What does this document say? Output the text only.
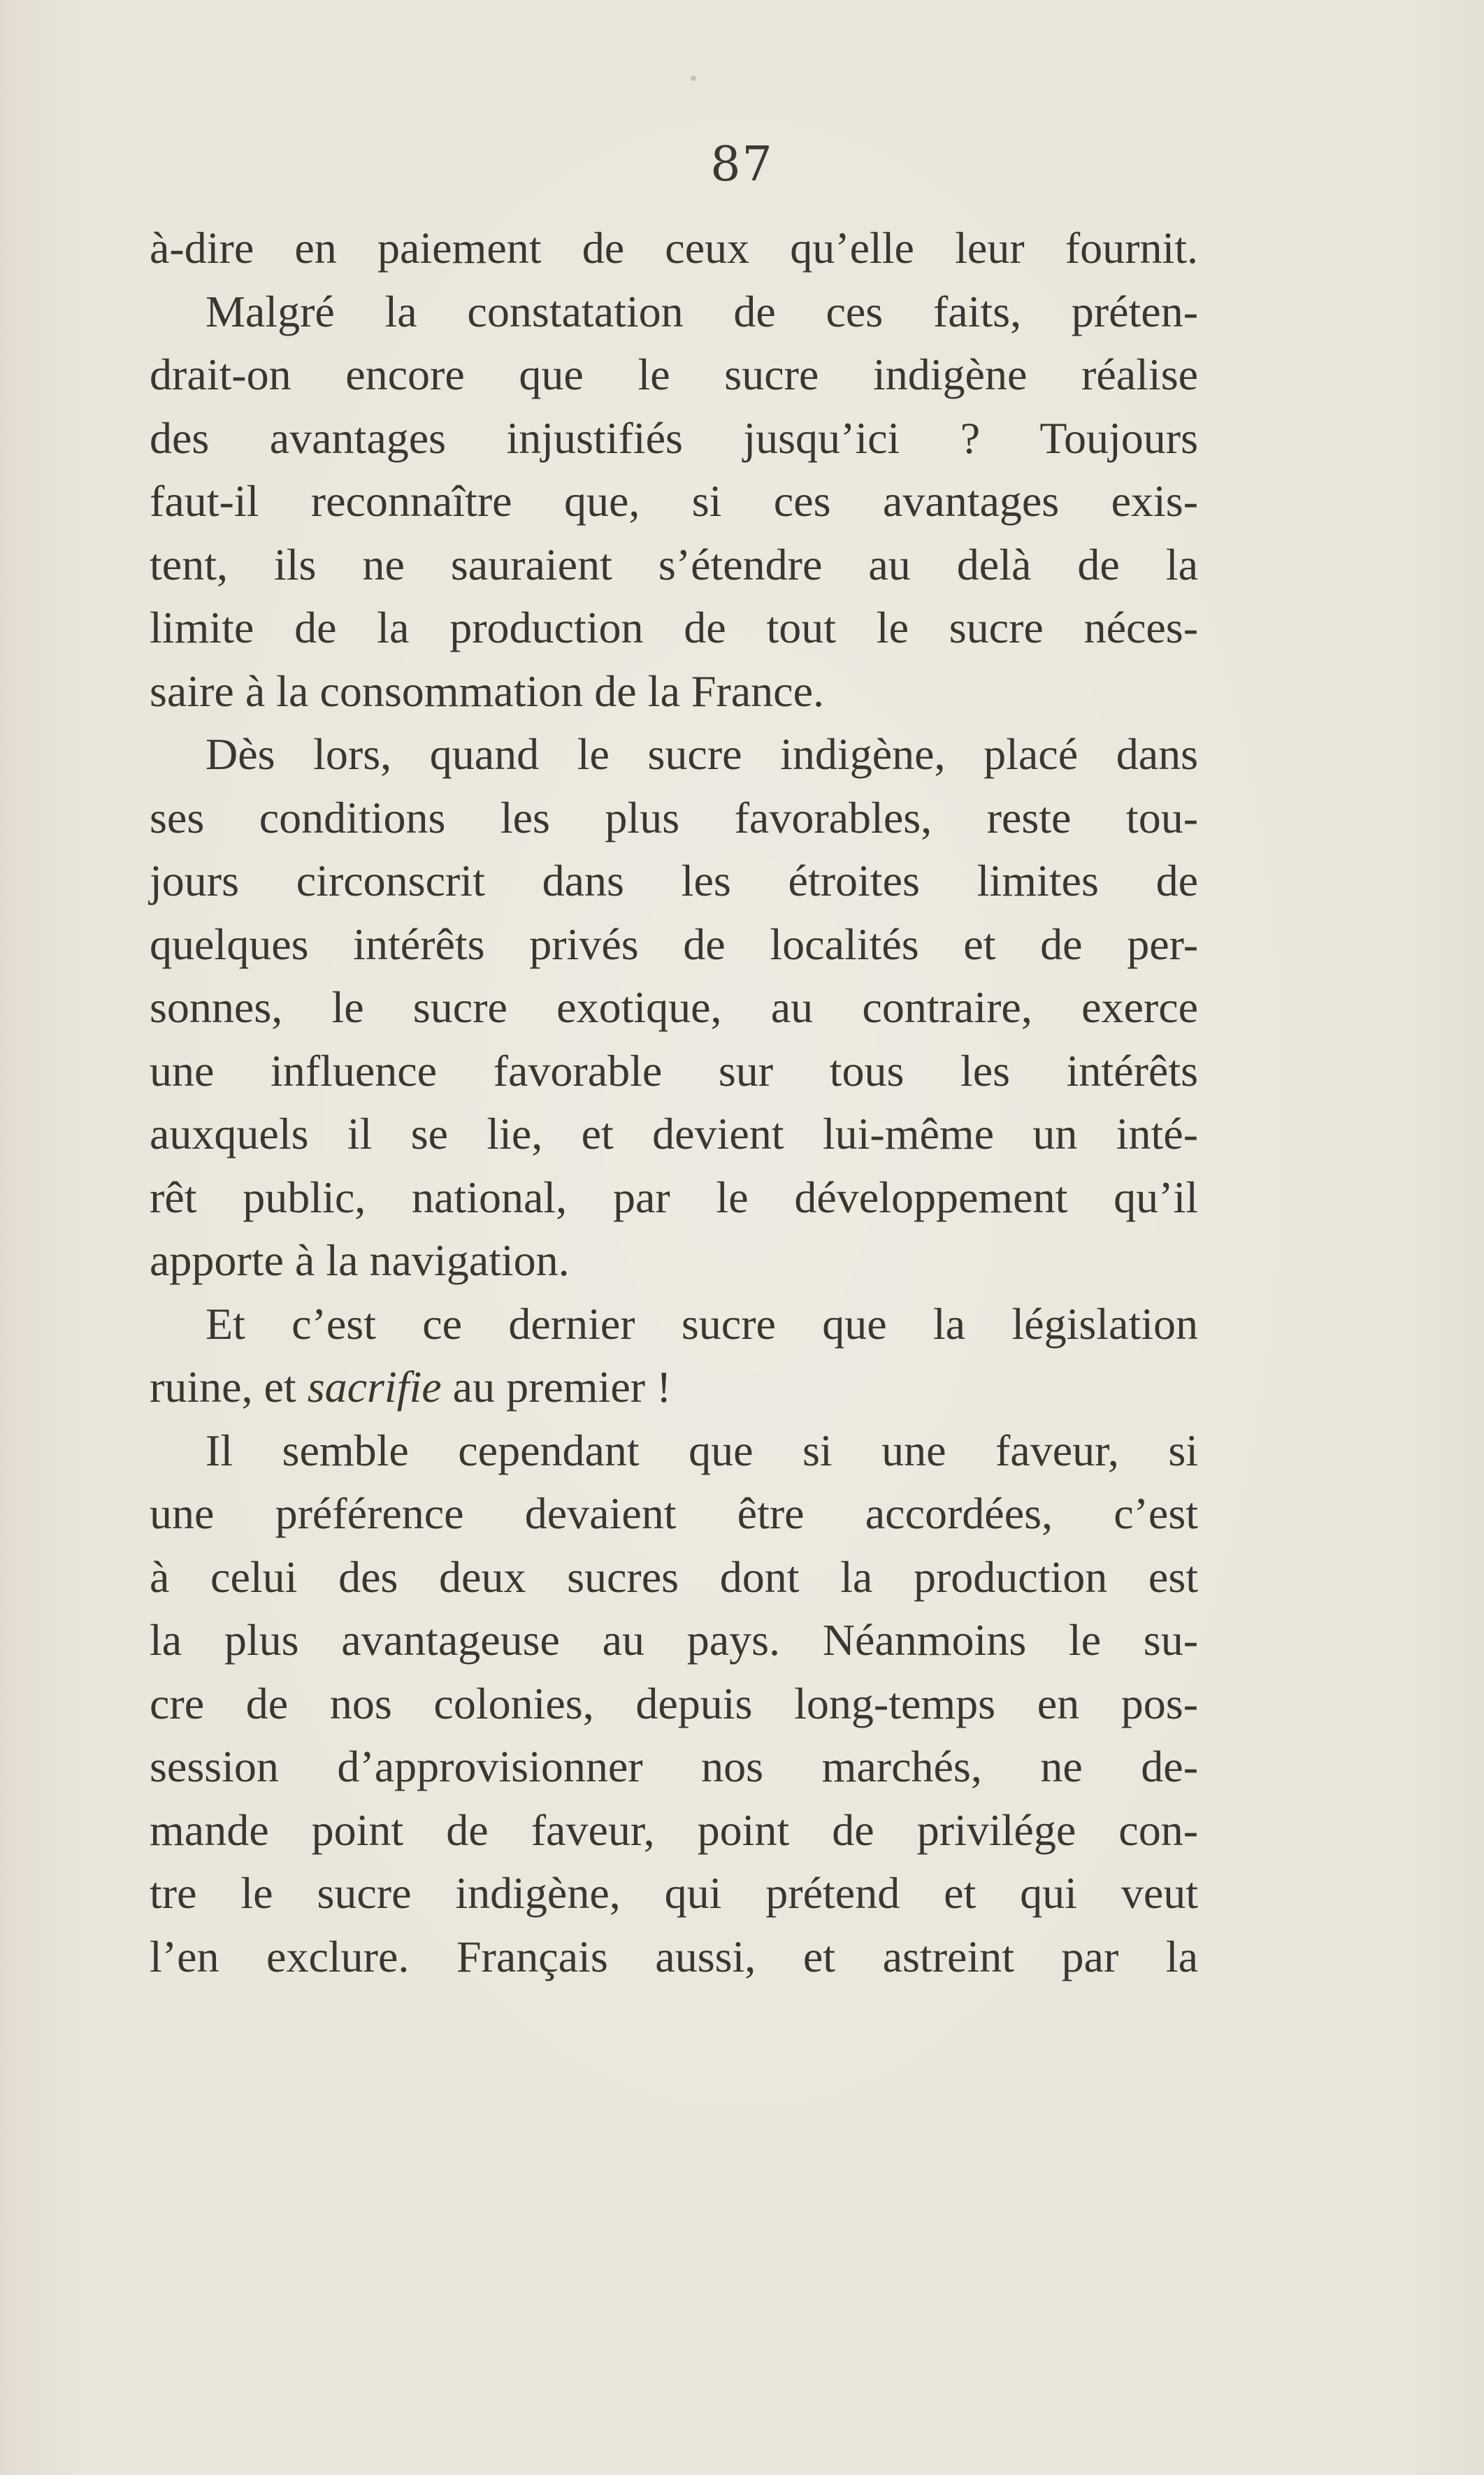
87
à-dire en paiement de ceux qu’elle leur fournit.
Malgré la constatation de ces faits, préten-
drait-on encore que le sucre indigène réalise
des avantages injustifiés jusqu’ici ? Toujours
faut-il reconnaître que, si ces avantages exis-
tent, ils ne sauraient s’étendre au delà de la
limite de la production de tout le sucre néces-
saire à la consommation de la France.
Dès lors, quand le sucre indigène, placé dans
ses conditions les plus favorables, reste tou-
jours circonscrit dans les étroites limites de
quelques intérêts privés de localités et de per-
sonnes, le sucre exotique, au contraire, exerce
une influence favorable sur tous les intérêts
auxquels il se lie, et devient lui-même un inté-
rêt public, national, par le développement qu’il
apporte à la navigation.
Et c’est ce dernier sucre que la législation
ruine, et sacrifie au premier !
Il semble cependant que si une faveur, si
une préférence devaient être accordées, c’est
à celui des deux sucres dont la production est
la plus avantageuse au pays. Néanmoins le su-
cre de nos colonies, depuis long-temps en pos-
session d’approvisionner nos marchés, ne de-
mande point de faveur, point de privilége con-
tre le sucre indigène, qui prétend et qui veut
l’en exclure. Français aussi, et astreint par la
